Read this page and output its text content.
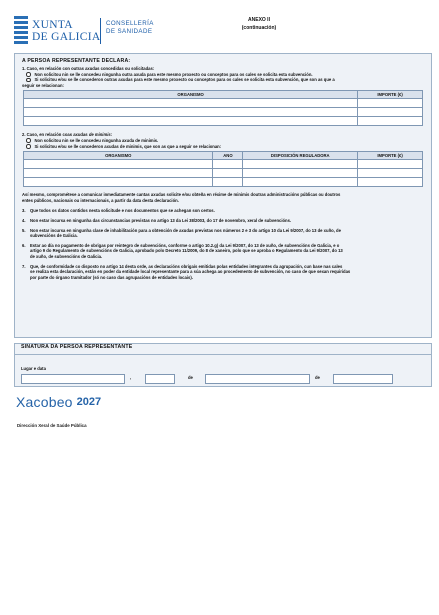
XUNTA
DE GALICIA
CONSELLERÍA
DE SANIDADE
ANEXO II
(continuación)
A PERSOA REPRESENTANTE DECLARA:
1. Caso, en relación con outras axudas concedidas ou solicitadas:
Non solicitou nin se lle concedeu ningunha outra axuda para este mesmo proxecto ou conceptos para os cales se solicita esta subvención.
Si solicitou e/ou se lle concederon outras axudas para este mesmo proxecto ou conceptos para os cales se solicita esta subvención, que son as que a
seguir se relacionan:
ORGANISMO	IMPORTE (€)

2. Caso, en relación coas axudas de minimis:
Non solicitou nin se lle concedeu ningunha axuda de minimis.
Si solicitou e/ou se lle concederon axudas de minimis, que son as que a seguir se relacionan:
ORGANISMO	ANO	DISPOSICIÓN REGULADORA	IMPORTE (€)

Así mesmo, comprométese a comunicar inmediatamente cantas axudas solicite e/ou obteña en réxime de minimis doutras administracións públicas ou doutros
entes públicos, nacionais ou internacionais, a partir da data desta declaración.
3.	Que todos os datos contidos nesta solicitude e nos documentos que se achegan son certos.
4.	Non estar incursa en ningunha das circunstancias previstas no artigo 13 da Lei 38/2003, do 17 de novembro, xeral de subvencións.
5.	Non estar incursa en ningunha clase de inhabilitación para a obtención de axudas previstas nos números 2 e 3 do artigo 10 da Lei 9/2007, do 13 de xuño, de
subvencións de Galicia.
6.	Estar ao día no pagamento de obrigas por reintegro de subvencións, conforme o artigo 10.2.g) da Lei 9/2007, do 13 de xuño, de subvencións de Galicia, e o
artigo 9 do Regulamento de subvencións de Galicia, aprobado polo Decreto 11/2009, do 8 de xaneiro, polo que se aproba o Regulamento da Lei 9/2007, do 13
de xuño, de subvencións de Galicia.
7.	Que, de conformidade co disposto no artigo 14 desta orde, as declaracións obrigaís emitidas polas entidades integrantes da agrupación, cun base nas cales
se realiza esta declaración, están en poder da entidade local representante para a súa achega ao procedemento de subvención, no caso de que sexan requiridas
por parte do órgano tramitador (só no caso das agrupacións de entidades locais).
SINATURA DA PERSOA REPRESENTANTE
Lugar e data
,	de	de
Xacobeo 2027
Dirección Xeral de Saúde Pública
